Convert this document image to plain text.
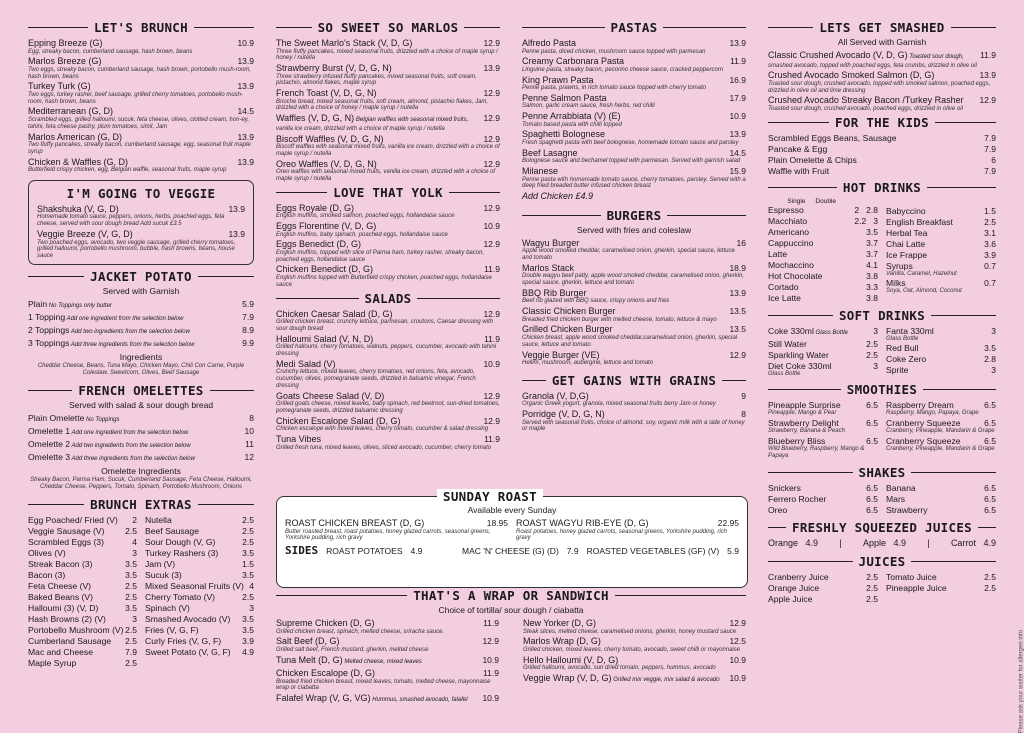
LET'S BRUNCH
Epping Breeze (G)	10.9
Egg, streaky bacon, cumberland sausage, hash brown, beans
Marlos Breeze (G)	13.9
Two eggs, streaky bacon, cumberland sausage, hash brown, portobello mush-room, hash brown, beans
Turkey Turk (G)	13.9
Two eggs, turkey rasher, beef sausage, grilled cherry tomatoes, portobello mush-room, hash brown, beans
Mediterranean (G, D)	14.5
Scrambled eggs, grilled halloumi, sucuk, feta cheese, olives, clotted cream, hon-ey, tahini, feta cheese pastry, plum tomatoes, simit, Jam
Marlos American (G, D)	13.9
Two fluffy pancakes, streaky bacon, cumberland sausage, egg, seasonal fruit maple syrup
Chicken & Waffles (G, D)	13.9
Butterfield crispy chicken, egg, Belgian waffle, seasonal fruits, maple syrup
I'M GOING TO VEGGIE
Shakshuka (V, G, D)	13.9
Homemade tomato sauce, peppers, onions, herbs, poached eggs, feta cheese, served with sour dough bread Add sucuk £3.5
Veggie Breeze (V, G, D)	13.9
Two poached eggs, avocado, two veggie sausage, grilled cherry tomatoes, grilled halloumi, portobello mushroom, bubble, hash browns, beans, house sauce
JACKET POTATO
Served with Garnish
Plain No Toppings only butter	5.9
1 Topping Add one ingredient from the selection below	7.9
2 Toppings Add two ingredients from the selection below	8.9
3 Toppings Add three ingredients from the selection below	9.9
Ingredients
Cheddar Cheese, Beans, Tuna Mayo, Chicken Mayo, Chili Con Carne, Purple Coleslaw, Sweetcorn, Olives, Beef Sausage
FRENCH OMELETTES
Served with salad & sour dough bread
Plain Omelette No Toppings	8
Omelette 1 Add one ingredient from the selection below	10
Omelette 2 Add two ingredients from the selection below	11
Omelette 3 Add three ingredients from the selection below	12
Omelette Ingredients
Streaky Bacon, Parma Ham, Sucuk, Cumberland Sausage, Feta Cheese, Halloumi, Cheddar Cheese, Peppers, Tomato, Spinach, Portobello Mushroom, Onions
BRUNCH EXTRAS
Egg Poached/ Fried (V) 2
Veggie Sausage (V) 2.5
Scrambled Eggs (3)	4
Olives (V)	3
Streak Bacon (3)	3.5
Bacon (3)	3.5
Feta Cheese (V)	2.5
Baked Beans (V)	2.5
Halloumi (3) (V, D)	3.5
Hash Browns (2) (V)	3
Portobello Mushroom (V) 2.5
Cumberland Sausage 2.5
Mac and Cheese	7.9
Maple Syrup	2.5
Nutella	2.5
Beef Sausage	2.5
Sour Dough (V, G)	2.5
Turkey Rashers (3)	3.5
Jam (V)	1.5
Sucuk (3)	3.5
Mixed Seasonal Fruits (V) 4
Cherry Tomato (V)	2.5
Spinach (V)	3
Smashed Avocado (V) 3.5
Fries (V, G, F)	3.5
Curly Fries (V, G, F) 3.9
Sweet Potato (V, G, F) 4.9
SO SWEET SO MARLOS
The Sweet Marlo's Stack (V, D, G)	12.9
Three fluffy pancakes, mixed seasonal fruits, drizzled with a choice of maple syrup / honey / nutella
Strawberry Burst (V, D, G, N)	13.9
Three strawberry infused fluffy pancakes, mixed seasonal fruits, soft cream, pistachio, almond flakes, maple syrup
French Toast (V, D, G, N)	12.9
Brioche bread, mixed seasonal fruits, soft cream, almond, pistachio flakes, Jam, drizzled with a choice of honey / maple syrup / nutella
Waffles (V, D, G, N) Belgian waffles with seasonal mixed fruits, 12.9
vanilla ice cream, drizzled with a choice of maple syrup / nutella
Biscoff Waffles (V, D, G, N)	12.9
Biscoff waffles with seasonal mixed fruits, vanilla ice cream, drizzled with a choice of maple syrup / nutella
Oreo Waffles (V, D, G, N)	12.9
Oreo waffles with seasonal mixed fruits, vanilla ice cream, drizzled with a choice of maple syrup / nutella
LOVE THAT YOLK
Eggs Royale (D, G)	12.9
English muffins, smoked salmon, poached eggs, hollandaise sauce
Eggs Florentine (V, D, G)	10.9
English muffins, baby spinach, poached eggs, hollandaise sauce
Eggs Benedict (D, G)	12.9
English muffins, topped with slice of Parma ham, turkey rasher, streaky bacon, poached eggs, hollandaise sauce
Chicken Benedict (D, G)	11.9
English muffins topped with Butterfield crispy chicken, poached eggs, hollandaise sauce
SALADS
Chicken Caesar Salad (D, G)	12.9
Grilled chicken breast, crunchy lettuce, parmesan, croutons, Caesar dressing with sour dough bread
Halloumi Salad (V, N, D)	11.9
Grilled halloumi, cherry tomatoes, walnuts, peppers, cucumber, avocado with tahini dressing
Medi Salad (V)	10.9
Crunchy lettuce, mixed leaves, cherry tomatoes, red onions, feta, avocado, cucumber, olives, pomegranate seeds, drizzled in balsamic vinegar, French dressing
Goats Cheese Salad (V, D)	12.9
Grilled goats cheese, mixed leaves, baby spinach, red beetroot, sun-dried tomatoes, pomegranate seeds, drizzled balsamic dressing
Chicken Escalope Salad (D, G)	12.9
Chicken escalope with mixed leaves, cherry tomato, cucumber & salad dressing
Tuna Vibes	11.9
Grilled fresh tuna, mixed leaves, olives, sliced avocado, cucumber, cherry tomato
PASTAS
Alfredo Pasta	13.9
Penne pasta, diced chicken, mushroom sauce topped with parmesan
Creamy Carbonara Pasta	11.9
Linguine pasta, streaky bacon, pecorino cheese sauce, cracked peppercorn
King Prawn Pasta	16.9
Penne pasta, prawns, in rich tomato sauce topped with cherry tomato
Penne Salmon Pasta	17.9
Salmon, garlic cream sauce, fresh herbs, red chilli
Penne Arrabbiata (V) (E)	10.9
Tomato based pasta with chilli topped
Spaghetti Bolognese	13.9
Fresh spaghetti pasta with beef bolognese, homemade tomato sauce and parsley
Beef Lasagne	14.5
Bolognese sauce and bechamel topped with parmesan. Served with garnish salad
Milanese	15.9
Penne pasta with homemade tomato sauce, cherry tomatoes, parsley. Served with a deep fried breaded butter infused chicken breast
Add Chicken £4.9
BURGERS
Served with fries and coleslaw
Wagyu Burger	16
Apple wood smoked cheddar, caramelised onion, gherkin, special sauce, lettuce and tomato
Marlos Stack	18.9
Double wagyu beef patty, apple wood smoked cheddar, caramelised onion, gherkin, special sauce, gherkin, lettuce and tomato
BBQ Rib Burger	13.9
Beef rib glazed with BBQ sauce, crispy onions and fries
Classic Chicken Burger	13.5
Breaded fried chicken burger with melted cheese, tomato, lettuce & mayo
Grilled Chicken Burger	13.5
Chicken breast, apple wood smoked cheddar,caramelised onion, gherkin, special sauce, lettuce and tomato
Veggie Burger (VE)	12.9
Hellim, mushroom, aubergine, lettuce and tomato
GET GAINS WITH GRAINS
Granola (V, D,G)	9
Organic Greek yogurt, granola, mixed seasonal fruits berry Jam or honey
Porridge (V, D, G, N)	8
Served with seasonal fruits, choice of almond, soy, organic milk with a side of honey or maple
SUNDAY ROAST
Available every Sunday
ROAST CHICKEN BREAST (D, G)	18.95
Butter roasted breast, roast potatoes, honey glazed carrots, seasonal greens, Yorkshire pudding, rich gravy
ROAST WAGYU RIB-EYE (D, G)	22.95
Roast potatoes, honey glazed carrots, seasonal greens, Yorkshire pudding, rich gravy
SIDES ROAST POTATOES 4.9	MAC 'N' CHEESE (G) (D) 7.9 ROASTED VEGETABLES (GF) (V) 5.9
THAT'S A WRAP OR SANDWICH
Choice of tortilla/ sour dough / ciabatta
Supreme Chicken (D, G)	11.9
Grilled chicken breast, spinach, melted cheese, sriracha sauce.
Salt Beef (D, G)	12.9
Grilled salt beef, French mustard, gherkin, melted cheese
Tuna Melt (D, G) Melted cheese, mixed leaves	10.9
Chicken Escalope (D, G)	11.9
Breaded fried chicken breast, mixed leaves, tomato, melted cheese, mayonnaise wrap or ciabatta
Falafel Wrap (V, G, VG) Hummus, smashed avocado, falafel 10.9
New Yorker (D, G)	12.9
Steak slices, melted cheese, caramelised onions, gherkin, honey mustard sauce
Marlos Wrap (D, G)	12.5
Grilled chicken, mixed leaves, cherry tomato, avocado, sweet chilli or mayonnaise
Hello Halloumi (V, D, G)	10.9
Grilled halloumi, avocado, sun dried tomato, peppers, hummus, avocado
Veggie Wrap (V, D, G) Grilled mix veggie, mix salad & avocado 10.9
LETS GET SMASHED
All Served with Garnish
Classic Crushed Avocado (V, D, G) Toasted sour dough, 11.9
smashed avocado, topped with poached eggs, feta crumbs, drizzled in olive oil
Crushed Avocado Smoked Salmon (D, G)	13.9
Toasted sour dough, crushed avocado, topped with smoked salmon, poached eggs, drizzled in olive oil and lime dressing
Crushed Avocado Streaky Bacon /Turkey Rasher 12.9
Toasted sour dough, crushed avocado, poached eggs, drizzled in olive oil
FOR THE KIDS
Scrambled Eggs Beans, Sausage	7.9
Pancake & Egg	7.9
Plain Omelette & Chips	6
Waffle with Fruit	7.9
HOT DRINKS
Single Double
Espresso	2   2.8
Macchiato	2.2   3
Americano	3.5
Cappuccino	3.7
Latte	3.7
Mochaccino	4.1
Hot Chocolate	3.8
Cortado	3.3
Ice Latte	3.8
Babyccino	1.5
English Breakfast	2.5
Herbal Tea	3.1
Chai Latte	3.6
Ice Frappe	3.9
Syrups	0.7
Vanilla, Caramel, Hazelnut
Milks	0.7
Soya, Oat, Almond, Coconut
SOFT DRINKS
Coke 330ml Glass Bottle	3
Still Water	2.5
Sparkling Water	2.5
Diet Coke 330ml	3
Glass Bottle
Fanta 330ml	3
Glass Bottle
Red Bull	3.5
Coke Zero	2.8
Sprite	3
SMOOTHIES
Pineapple Surprise	6.5
Pineapple, Mango & Pear
Strawberry Delight	6.5
Strawberry, Banana & Peach
Blueberry Bliss	6.5
Wild Blueberry, Raspberry, Mango & Papaya
Raspberry Dream	6.5
Raspberry, Mango, Papaya, Grape
Cranberry Squeeze	6.5
Cranberry, Pineapple, Mandarin & Grape
Cranberry Squeeze	6.5
Cranberry, Pineapple, Mandarin & Grape
SHAKES
Snickers	6.5
Ferrero Rocher	6.5
Oreo	6.5
Banana	6.5
Mars	6.5
Strawberry	6.5
FRESHLY SQUEEZED JUICES
Orange 4.9 | Apple 4.9 | Carrot 4.9
JUICES
Cranberry Juice	2.5
Orange Juice	2.5
Apple Juice	2.5
Tomato Juice	2.5
Pineapple Juice	2.5
Please ask your waiter for allergen info
